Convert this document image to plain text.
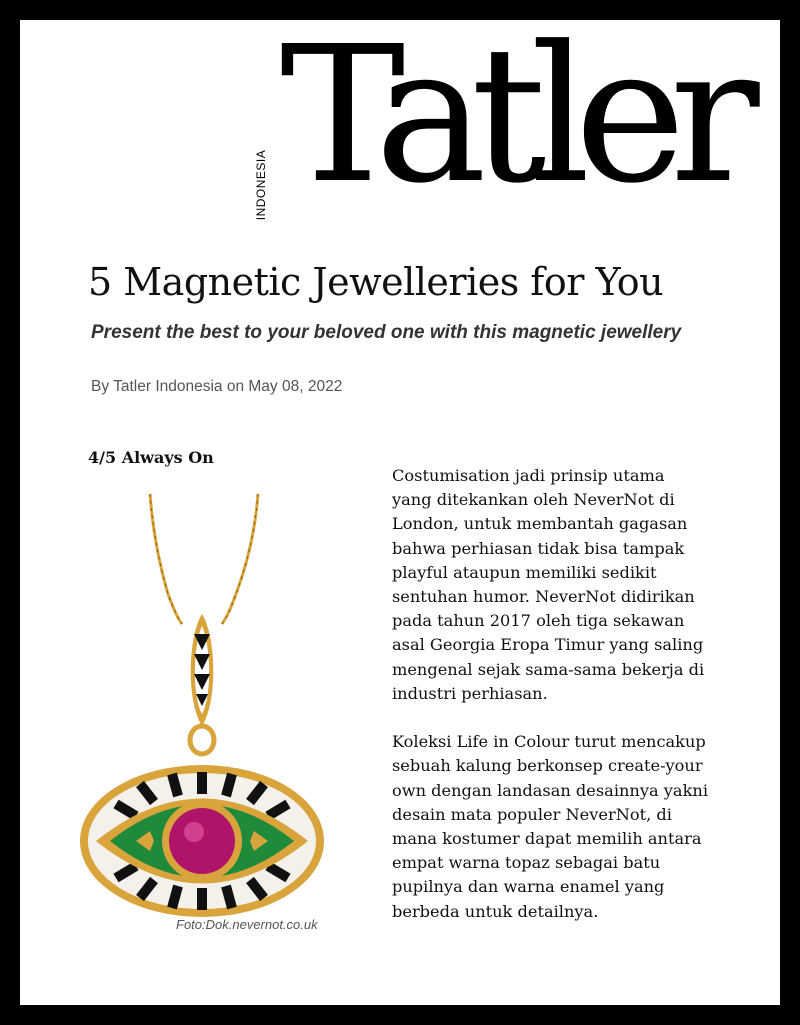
INDONESIA Tatler
5 Magnetic Jewelleries for You
Present the best to your beloved one with this magnetic jewellery
By Tatler Indonesia on May 08, 2022
4/5 Always On
Foto:Dok.nevernot.co.uk

Costumisation jadi prinsip utama
yang ditekankan oleh NeverNot di
London, untuk membantah gagasan
bahwa perhiasan tidak bisa tampak
playful ataupun memiliki sedikit
sentuhan humor. NeverNot didirikan
pada tahun 2017 oleh tiga sekawan
asal Georgia Eropa Timur yang saling
mengenal sejak sama-sama bekerja di
industri perhiasan.

Koleksi Life in Colour turut mencakup
sebuah kalung berkonsep create-your
own dengan landasan desainnya yakni
desain mata populer NeverNot, di
mana kostumer dapat memilih antara
empat warna topaz sebagai batu
pupilnya dan warna enamel yang
berbeda untuk detailnya.
